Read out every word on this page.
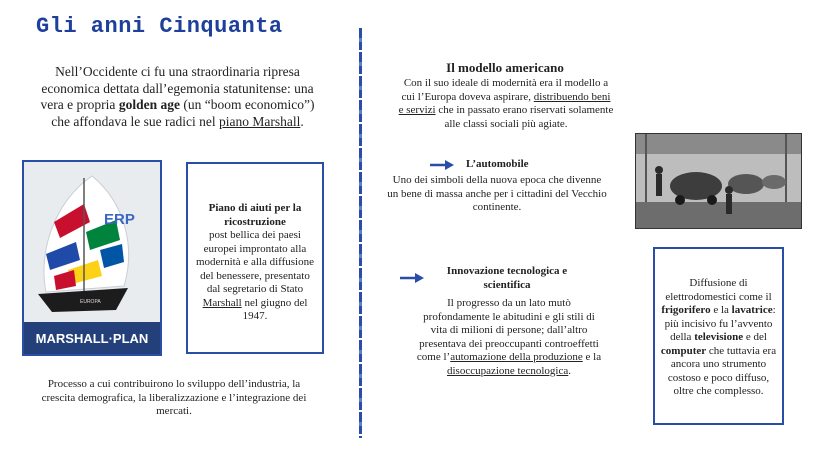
Gli anni Cinquanta
Nell’Occidente ci fu una straordinaria ripresa economica dettata dall’egemonia statunitense: una vera e propria golden age (un “boom economico”) che affondava le sue radici nel piano Marshall.
ERP
EUROPA
MARSHALL·PLAN
Piano di aiuti per la ricostruzione
post bellica dei paesi europei improntato alla modernità e alla diffusione del benessere, presentato dal segretario di Stato Marshall nel giugno del 1947.
Processo a cui contribuirono lo sviluppo dell’industria, la crescita demografica, la liberalizzazione e l’integrazione dei mercati.
Il modello americano
Con il suo ideale di modernità era il modello a cui l’Europa doveva aspirare, distribuendo beni e servizi che in passato erano riservati solamente alle classi sociali più agiate.
L’automobile
Uno dei simboli della nuova epoca che divenne un bene di massa anche per i cittadini del Vecchio continente.
Innovazione tecnologica e scientifica
Il progresso da un lato mutò profondamente le abitudini e gli stili di vita di milioni di persone; dall’altro presentava dei preoccupanti controeffetti come l’automazione della produzione e la disoccupazione tecnologica.
Diffusione di elettrodomestici come il frigorifero e la lavatrice: più incisivo fu l’avvento della televisione e del computer che tuttavia era ancora uno strumento costoso e poco diffuso, oltre che complesso.
